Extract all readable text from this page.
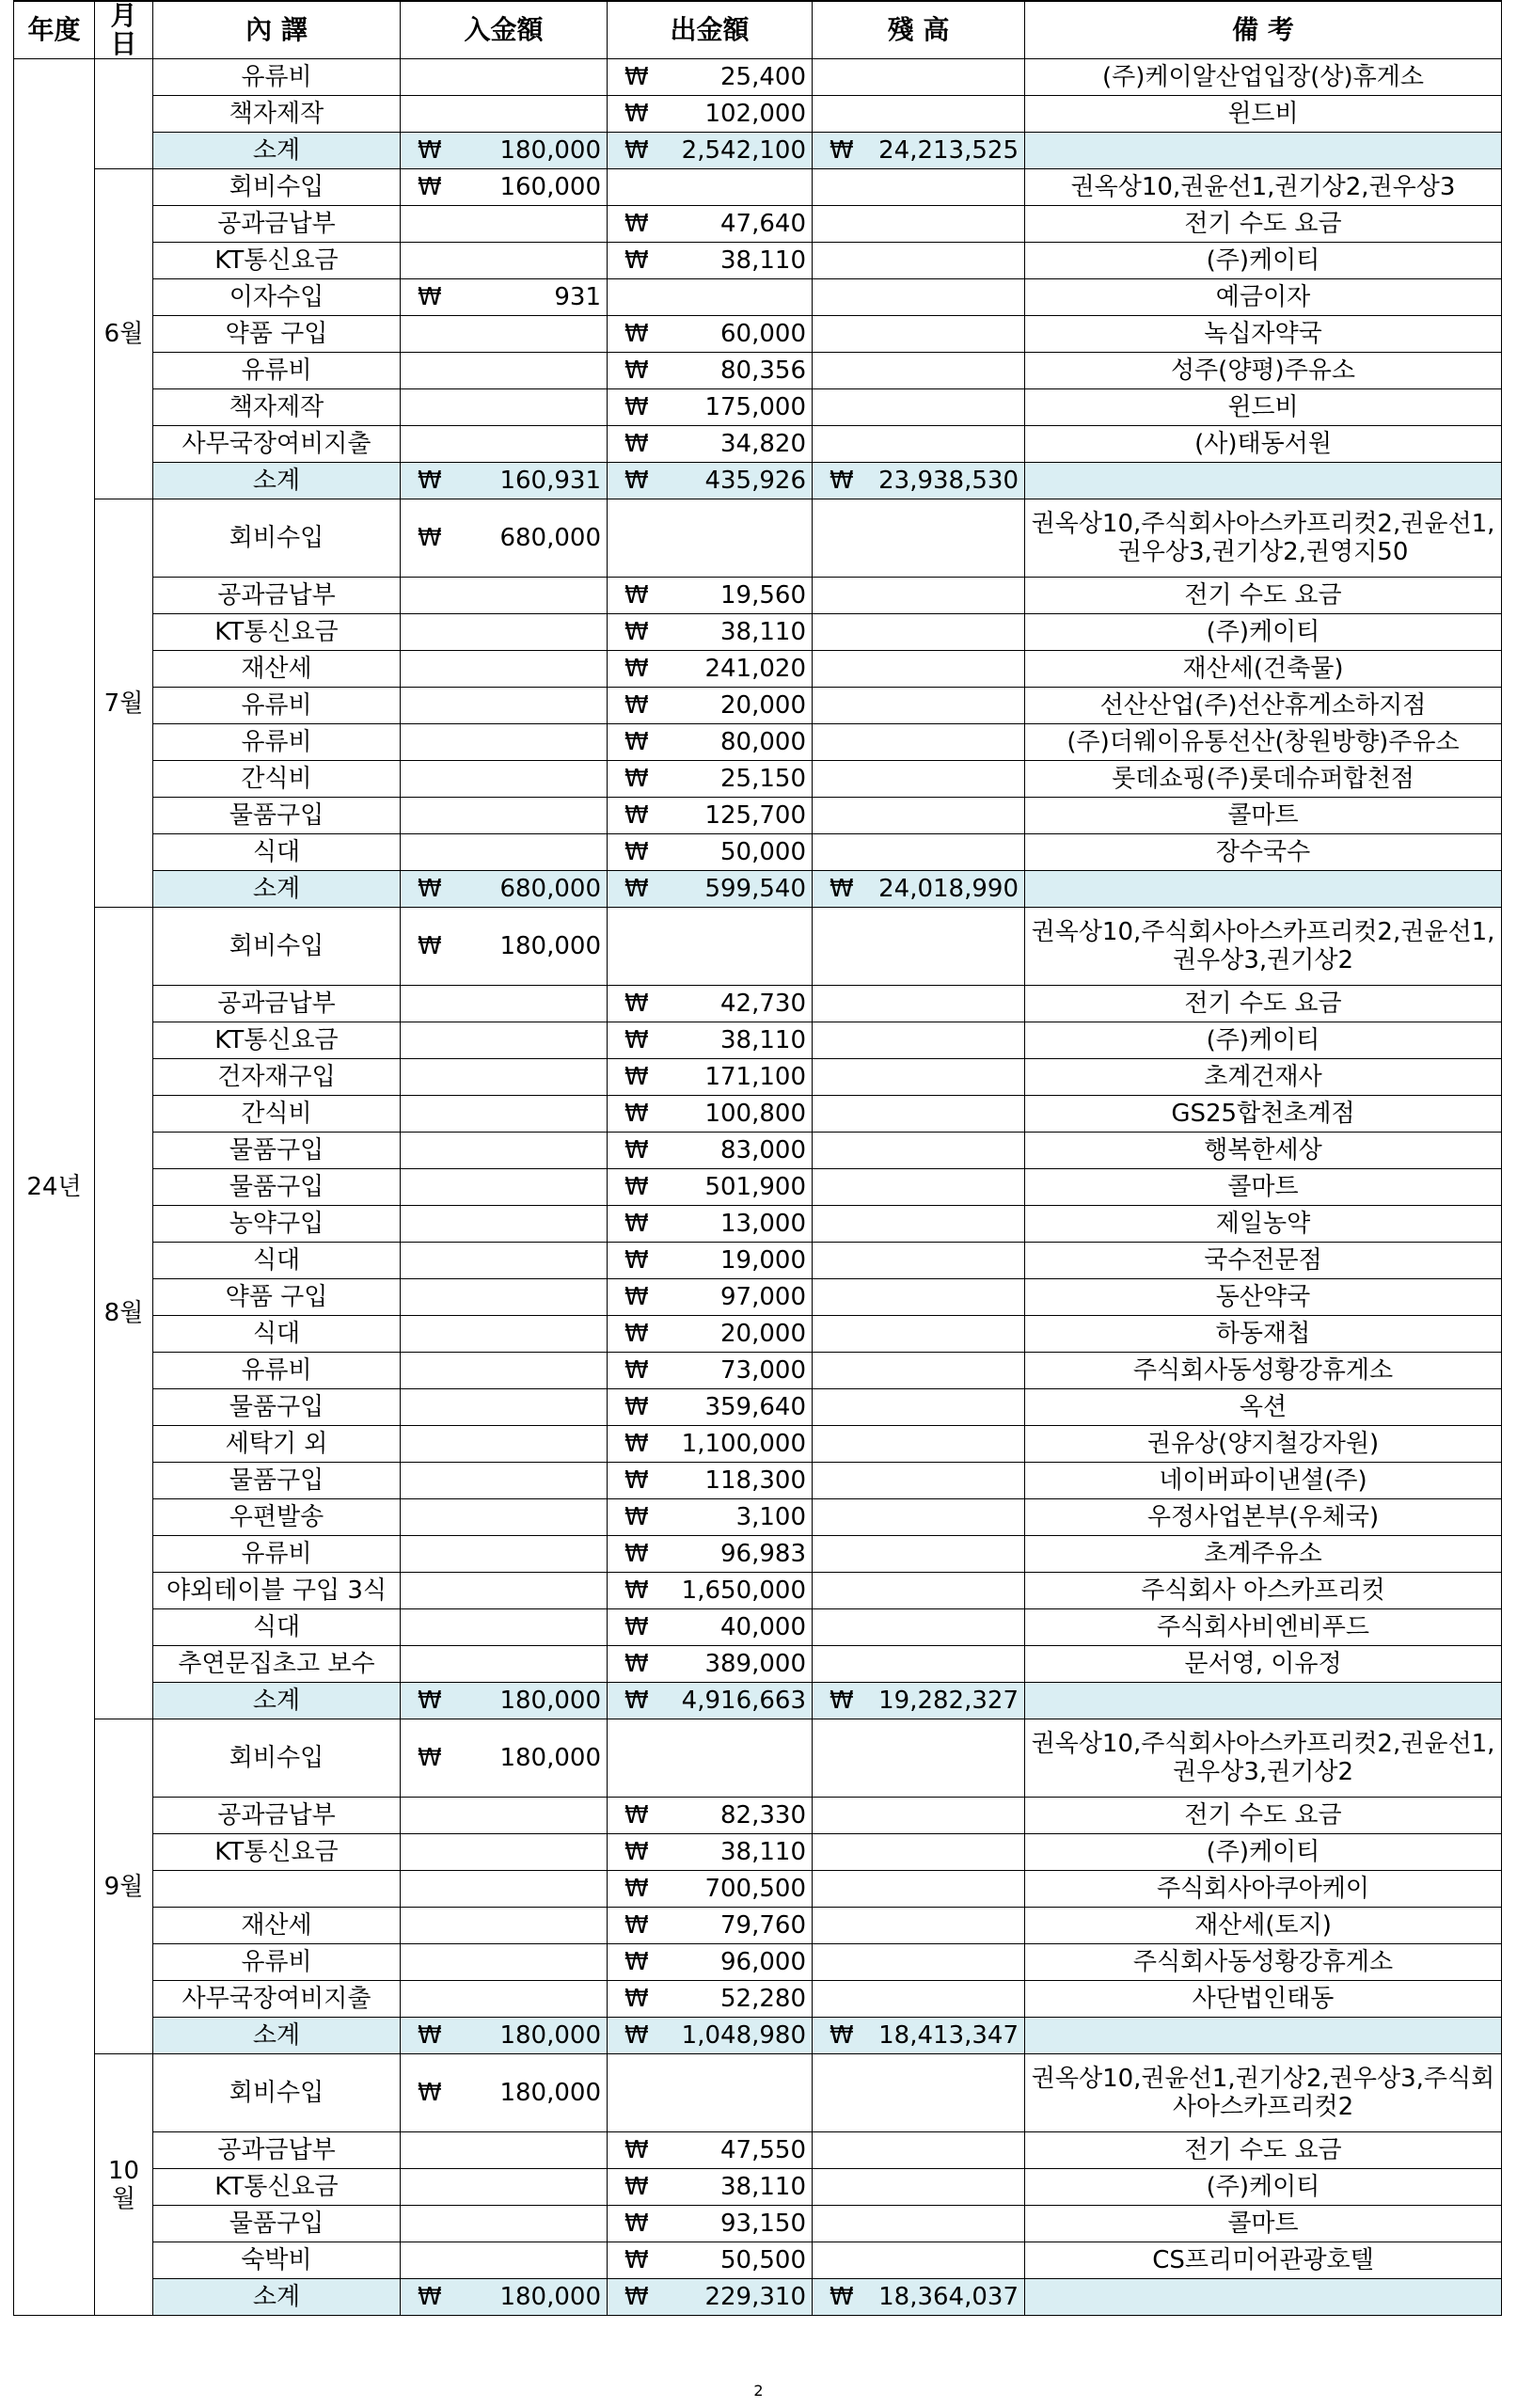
年度	月日	內 譯	入金額	出金額	殘 高	備 考
24년		유류비		₩ 25,400		(주)케이알산업입장(상)휴게소
		책자제작		₩ 102,000		윈드비
		소계	₩ 180,000	₩ 2,542,100	₩ 24,213,525	
	6월	회비수입	₩ 160,000			권옥상10,권윤선1,권기상2,권우상3
		공과금납부		₩ 47,640		전기 수도 요금
		KT통신요금		₩ 38,110		(주)케이티
		이자수입	₩ 931			예금이자
		약품 구입		₩ 60,000		녹십자약국
		유류비		₩ 80,356		성주(양평)주유소
		책자제작		₩ 175,000		윈드비
		사무국장여비지출		₩ 34,820		(사)태동서원
		소계	₩ 160,931	₩ 435,926	₩ 23,938,530	
	7월	회비수입	₩ 680,000			권옥상10,주식회사아스카프리컷2,권윤선1,권우상3,권기상2,권영지50
		공과금납부		₩ 19,560		전기 수도 요금
		KT통신요금		₩ 38,110		(주)케이티
		재산세		₩ 241,020		재산세(건축물)
		유류비		₩ 20,000		선산산업(주)선산휴게소하지점
		유류비		₩ 80,000		(주)더웨이유통선산(창원방향)주유소
		간식비		₩ 25,150		롯데쇼핑(주)롯데슈퍼합천점
		물품구입		₩ 125,700		콜마트
		식대		₩ 50,000		장수국수
		소계	₩ 680,000	₩ 599,540	₩ 24,018,990	
	8월	회비수입	₩ 180,000			권옥상10,주식회사아스카프리컷2,권윤선1,권우상3,권기상2
		공과금납부		₩ 42,730		전기 수도 요금
		KT통신요금		₩ 38,110		(주)케이티
		건자재구입		₩ 171,100		초계건재사
		간식비		₩ 100,800		GS25합천초계점
		물품구입		₩ 83,000		행복한세상
		물품구입		₩ 501,900		콜마트
		농약구입		₩ 13,000		제일농약
		식대		₩ 19,000		국수전문점
		약품 구입		₩ 97,000		동산약국
		식대		₩ 20,000		하동재첩
		유류비		₩ 73,000		주식회사동성황강휴게소
		물품구입		₩ 359,640		옥션
		세탁기 외		₩ 1,100,000		권유상(양지철강자원)
		물품구입		₩ 118,300		네이버파이낸셜(주)
		우편발송		₩ 3,100		우정사업본부(우체국)
		유류비		₩ 96,983		초계주유소
		야외테이블 구입 3식		₩ 1,650,000		주식회사 아스카프리컷
		식대		₩ 40,000		주식회사비엔비푸드
		추연문집초고 보수		₩ 389,000		문서영, 이유정
		소계	₩ 180,000	₩ 4,916,663	₩ 19,282,327	
	9월	회비수입	₩ 180,000			권옥상10,주식회사아스카프리컷2,권윤선1,권우상3,권기상2
		공과금납부		₩ 82,330		전기 수도 요금
		KT통신요금		₩ 38,110		(주)케이티

				₩ 700,500		주식회사아쿠아케이
		재산세		₩ 79,760		재산세(토지)
		유류비		₩ 96,000		주식회사동성황강휴게소
		사무국장여비지출		₩ 52,280		사단법인태동
		소계	₩ 180,000	₩ 1,048,980	₩ 18,413,347	
	10월	회비수입	₩ 180,000			권옥상10,권윤선1,권기상2,권우상3,주식회사아스카프리컷2
		공과금납부		₩ 47,550		전기 수도 요금
		KT통신요금		₩ 38,110		(주)케이티
		물품구입		₩ 93,150		콜마트
		숙박비		₩ 50,500		CS프리미어관광호텔
		소계	₩ 180,000	₩ 229,310	₩ 18,364,037	
2
